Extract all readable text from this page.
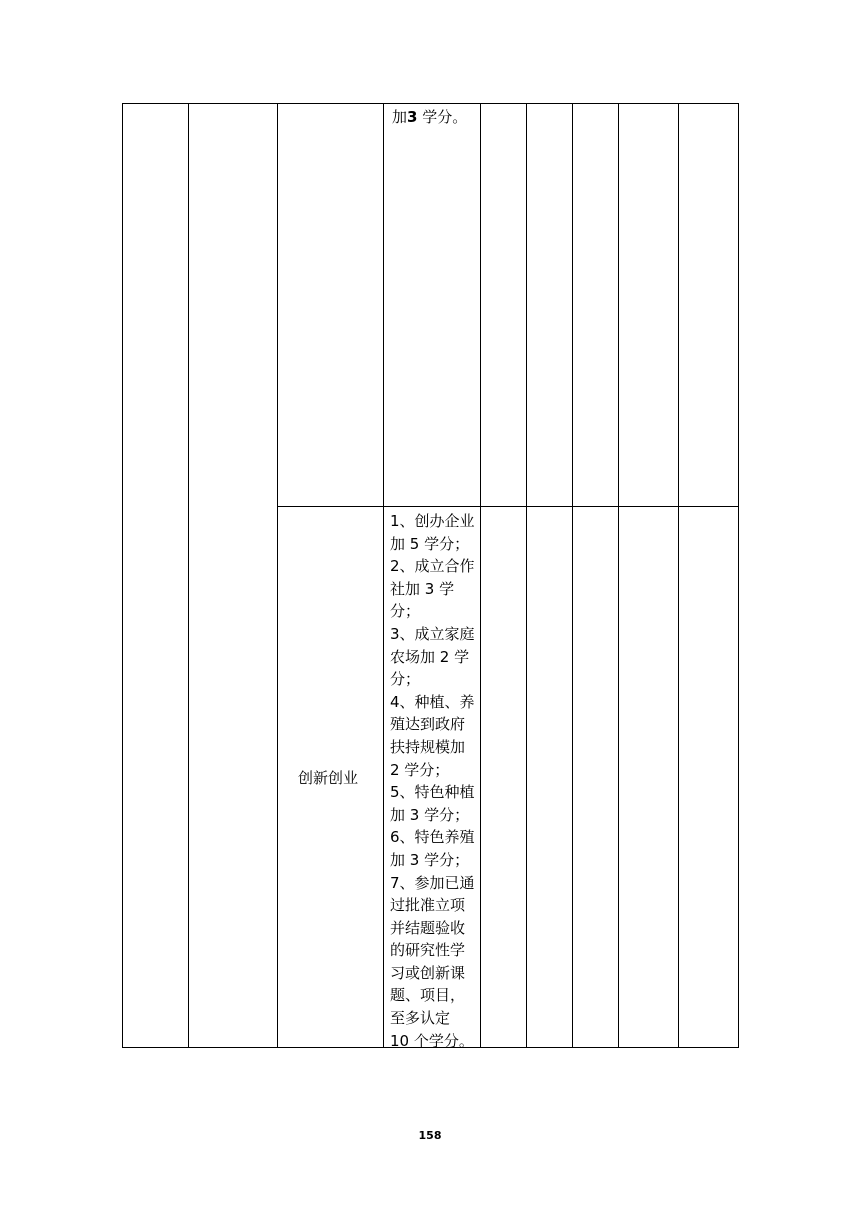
加3 学分。
创新创业
1、创办企业
加 5 学分；
2、成立合作
社加 3 学
分；
3、成立家庭
农场加 2 学
分；
4、种植、养
殖达到政府
扶持规模加
2 学分；
5、特色种植
加 3 学分；
6、特色养殖
加 3 学分；
7、参加已通
过批准立项
并结题验收
的研究性学
习或创新课
题、项目，
至多认定
10 个学分。
158
